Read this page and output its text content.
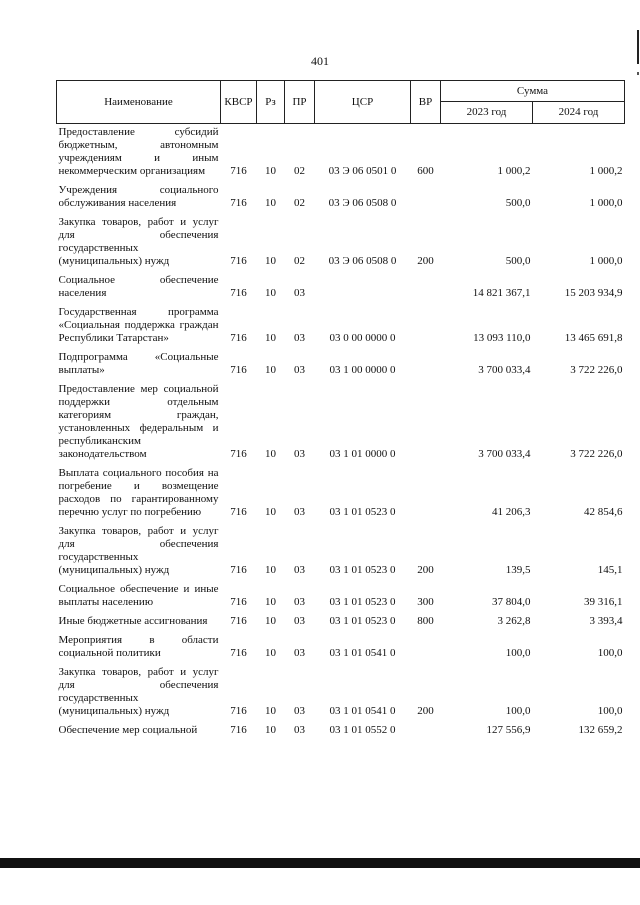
401
Наименование	КВСР	Рз	ПР	ЦСР	ВР	Сумма	
						2023 год	2024 год
Предоставление субсидий бюджетным, автономным учреждениям и иным некоммерческим организациям	716	10	02	03 Э 06 0501 0	600	1 000,2	1 000,2
Учреждения социального обслуживания населения	716	10	02	03 Э 06 0508 0		500,0	1 000,0
Закупка товаров, работ и услуг для обеспечения государственных (муниципальных) нужд	716	10	02	03 Э 06 0508 0	200	500,0	1 000,0
Социальное обеспечение населения	716	10	03			14 821 367,1	15 203 934,9
Государственная программа «Социальная поддержка граждан Республики Татарстан»	716	10	03	03 0 00 0000 0		13 093 110,0	13 465 691,8
Подпрограмма «Социальные выплаты»	716	10	03	03 1 00 0000 0		3 700 033,4	3 722 226,0
Предоставление мер социальной поддержки отдельным категориям граждан, установленных федеральным и республиканским законодательством	716	10	03	03 1 01 0000 0		3 700 033,4	3 722 226,0
Выплата социального пособия на погребение и возмещение расходов по гарантированному перечню услуг по погребению	716	10	03	03 1 01 0523 0		41 206,3	42 854,6
Закупка товаров, работ и услуг для обеспечения государственных (муниципальных) нужд	716	10	03	03 1 01 0523 0	200	139,5	145,1
Социальное обеспечение и иные выплаты населению	716	10	03	03 1 01 0523 0	300	37 804,0	39 316,1
Иные бюджетные ассигнования	716	10	03	03 1 01 0523 0	800	3 262,8	3 393,4
Мероприятия в области социальной политики	716	10	03	03 1 01 0541 0		100,0	100,0
Закупка товаров, работ и услуг для обеспечения государственных (муниципальных) нужд	716	10	03	03 1 01 0541 0	200	100,0	100,0
Обеспечение мер социальной	716	10	03	03 1 01 0552 0		127 556,9	132 659,2
